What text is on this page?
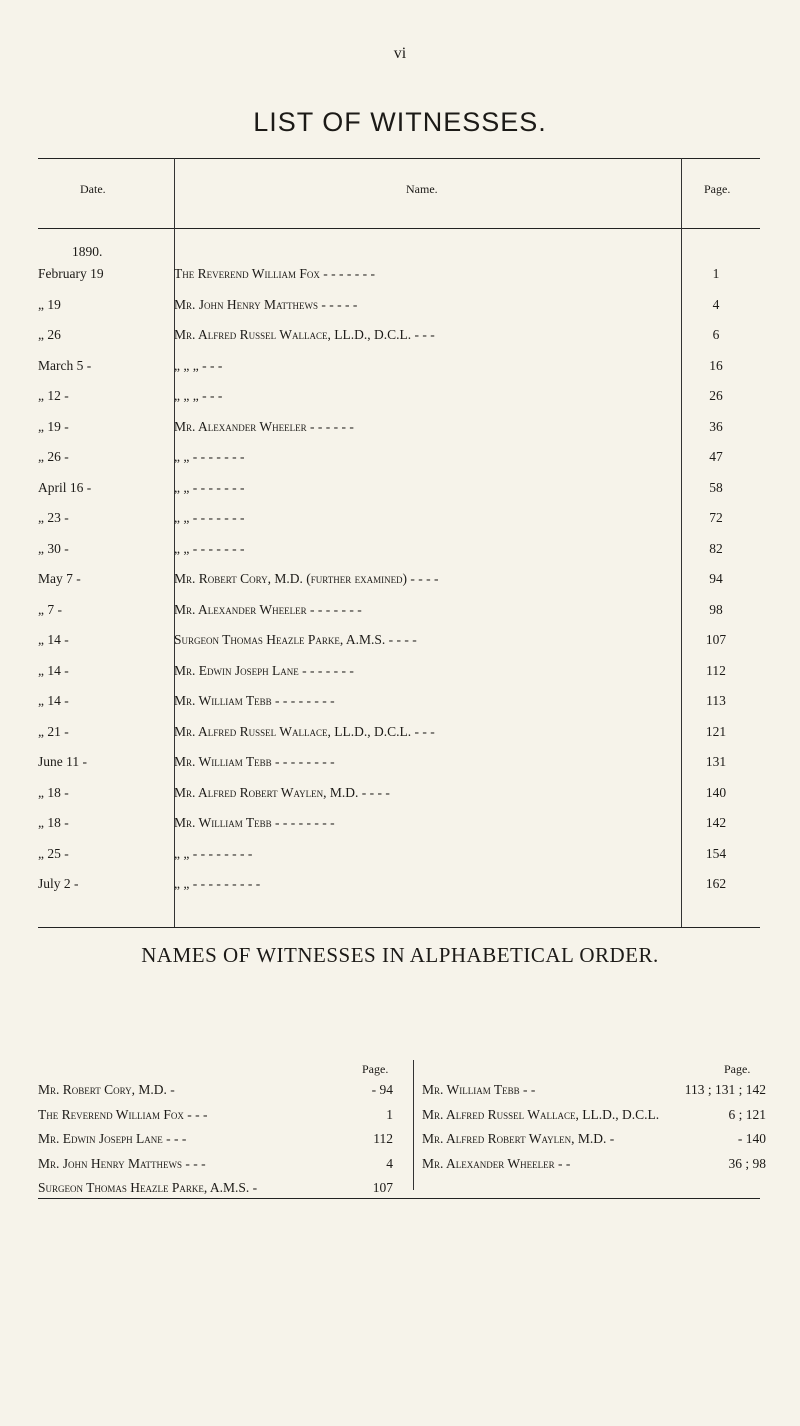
vi
LIST OF WITNESSES.
Date.	Name.	Page.
1890.
February 19	The Reverend William Fox - - - - - - -	1
„ 19	Mr. John Henry Matthews - - - - -	4
„ 26	Mr. Alfred Russel Wallace, LL.D., D.C.L. - - -	6
March 5 -	„ „ „ - - -	16
„ 12 -	„ „ „ - - -	26
„ 19 -	Mr. Alexander Wheeler - - - - - -	36
„ 26 -	„ „ - - - - - - -	47
April 16 -	„ „ - - - - - - -	58
„ 23 -	„ „ - - - - - - -	72
„ 30 -	„ „ - - - - - - -	82
May 7 -	Mr. Robert Cory, M.D. (further examined) - - - -	94
„ 7 -	Mr. Alexander Wheeler - - - - - - -	98
„ 14 -	Surgeon Thomas Heazle Parke, A.M.S. - - - -	107
„ 14 -	Mr. Edwin Joseph Lane - - - - - - -	112
„ 14 -	Mr. William Tebb - - - - - - - -	113
„ 21 -	Mr. Alfred Russel Wallace, LL.D., D.C.L. - - -	121
June 11 -	Mr. William Tebb - - - - - - - -	131
„ 18 -	Mr. Alfred Robert Waylen, M.D. - - - -	140
„ 18 -	Mr. William Tebb - - - - - - - -	142
„ 25 -	„ „ - - - - - - - -	154
July 2 -	„ „ - - - - - - - - -	162
NAMES OF WITNESSES IN ALPHABETICAL ORDER.
Page.	Page.
Mr. Robert Cory, M.D. -	- 94
The Reverend William Fox - - -	1
Mr. Edwin Joseph Lane - - -	112
Mr. John Henry Matthews - - -	4
Surgeon Thomas Heazle Parke, A.M.S. -	107
Mr. William Tebb - -	113 ; 131 ; 142
Mr. Alfred Russel Wallace, LL.D., D.C.L.	6 ; 121
Mr. Alfred Robert Waylen, M.D. -	- 140
Mr. Alexander Wheeler - -	36 ; 98
